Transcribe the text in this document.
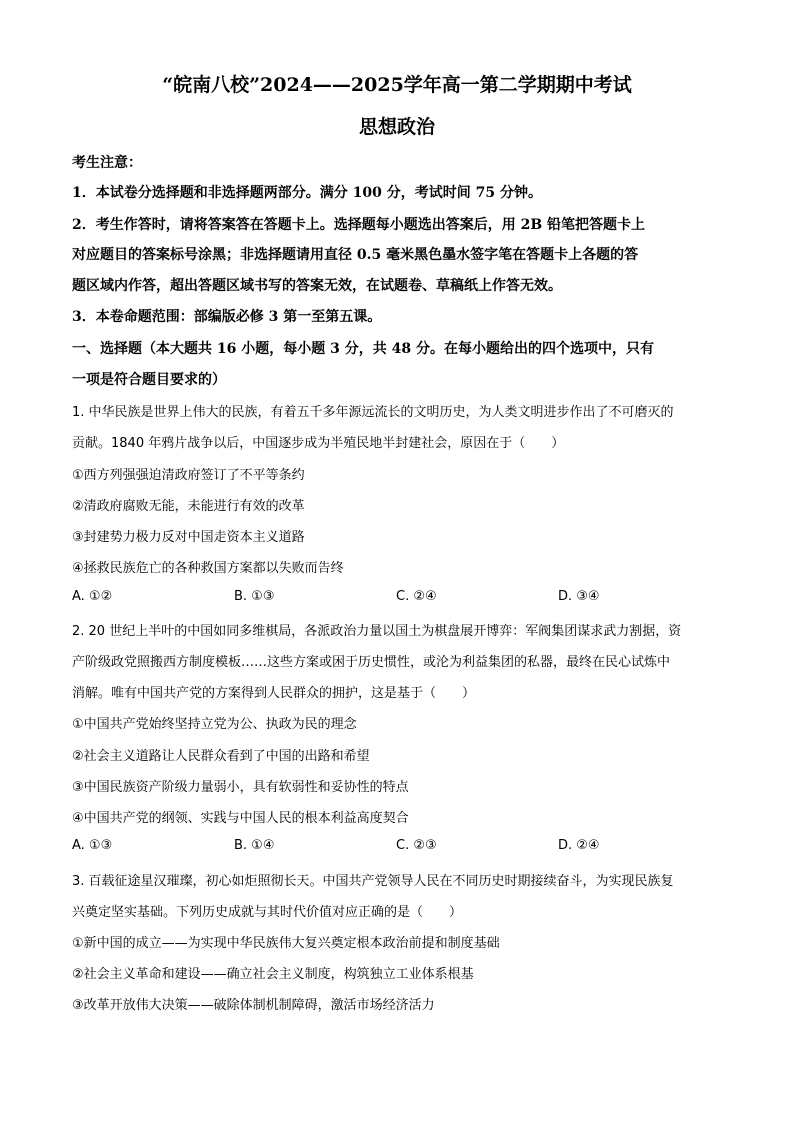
“皖南八校”2024——2025学年高一第二学期期中考试
思想政治
考生注意：
1．本试卷分选择题和非选择题两部分。满分 100 分，考试时间 75 分钟。
2．考生作答时，请将答案答在答题卡上。选择题每小题选出答案后，用 2B 铅笔把答题卡上
对应题目的答案标号涂黑；非选择题请用直径 0.5 毫米黑色墨水签字笔在答题卡上各题的答
题区域内作答，超出答题区域书写的答案无效，在试题卷、草稿纸上作答无效。
3．本卷命题范围：部编版必修 3 第一至第五课。
一、选择题（本大题共 16 小题，每小题 3 分，共 48 分。在每小题给出的四个选项中，只有
一项是符合题目要求的）
1. 中华民族是世界上伟大的民族，有着五千多年源远流长的文明历史，为人类文明进步作出了不可磨灭的
贡献。1840 年鸦片战争以后，中国逐步成为半殖民地半封建社会，原因在于（　　）
①西方列强强迫清政府签订了不平等条约
②清政府腐败无能，未能进行有效的改革
③封建势力极力反对中国走资本主义道路
④拯救民族危亡的各种救国方案都以失败而告终
A. ①②	B. ①③	C. ②④	D. ③④
2. 20 世纪上半叶的中国如同多维棋局，各派政治力量以国土为棋盘展开博弈：军阀集团谋求武力割据，资
产阶级政党照搬西方制度模板……这些方案或困于历史惯性，或沦为利益集团的私器，最终在民心试炼中
消解。唯有中国共产党的方案得到人民群众的拥护，这是基于（　　）
①中国共产党始终坚持立党为公、执政为民的理念
②社会主义道路让人民群众看到了中国的出路和希望
③中国民族资产阶级力量弱小，具有软弱性和妥协性的特点
④中国共产党的纲领、实践与中国人民的根本利益高度契合
A. ①③	B. ①④	C. ②③	D. ②④
3. 百载征途星汉璀璨，初心如炬照彻长天。中国共产党领导人民在不同历史时期接续奋斗，为实现民族复
兴奠定坚实基础。下列历史成就与其时代价值对应正确的是（　　）
①新中国的成立——为实现中华民族伟大复兴奠定根本政治前提和制度基础
②社会主义革命和建设——确立社会主义制度，构筑独立工业体系根基
③改革开放伟大决策——破除体制机制障碍，激活市场经济活力
